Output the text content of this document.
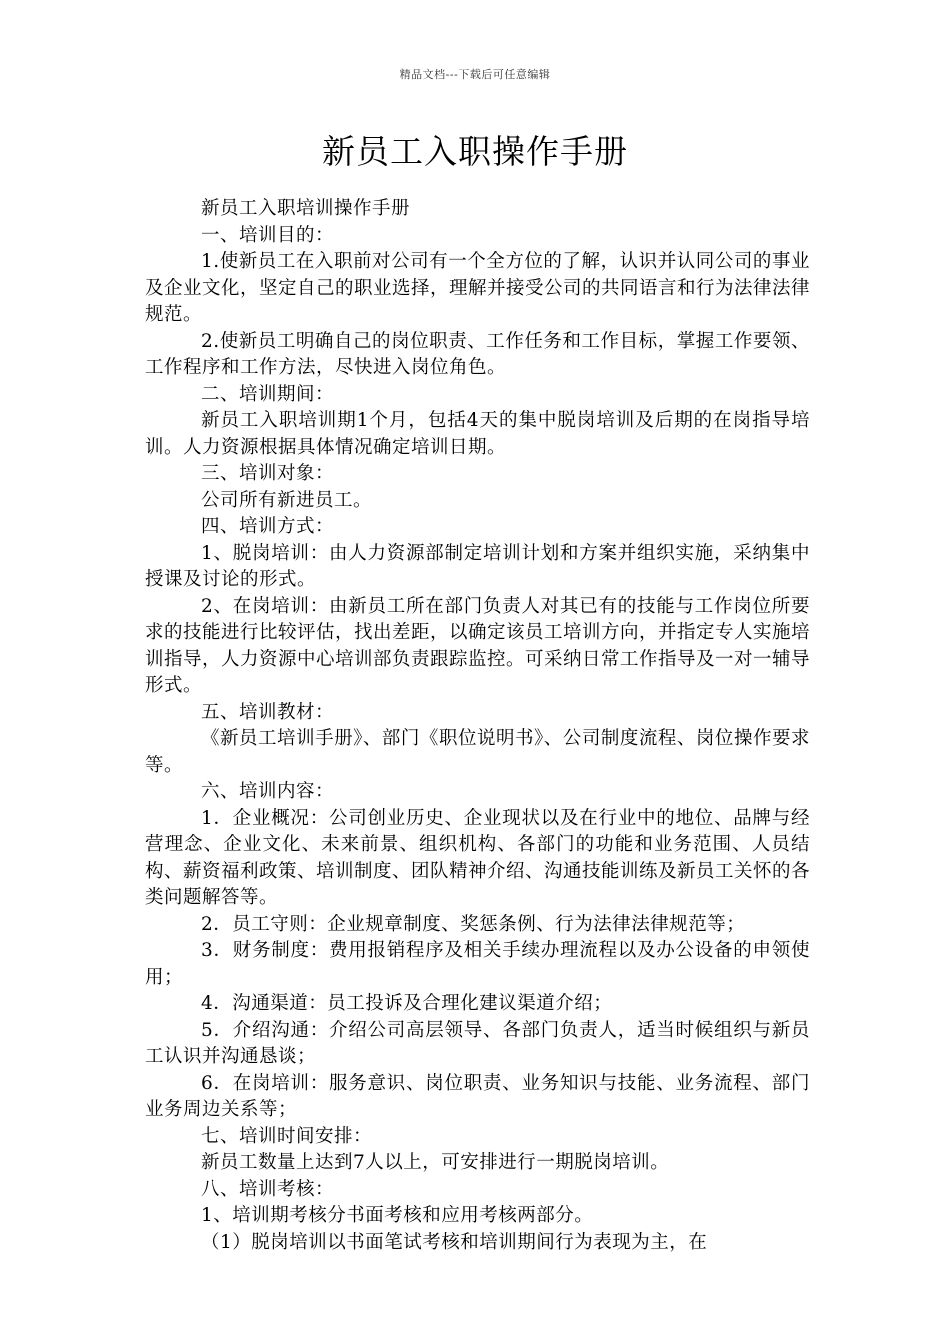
精品文档---下载后可任意编辑
新员工入职操作手册

新员工入职培训操作手册

一、培训目的：

1.使新员工在入职前对公司有一个全方位的了解，认识并认同公司的事业及企业文化，坚定自己的职业选择，理解并接受公司的共同语言和行为法律法律规范。

2.使新员工明确自己的岗位职责、工作任务和工作目标，掌握工作要领、工作程序和工作方法，尽快进入岗位角色。

二、培训期间：

新员工入职培训期1个月，包括4天的集中脱岗培训及后期的在岗指导培训。人力资源根据具体情况确定培训日期。

三、培训对象：

公司所有新进员工。

四、培训方式：

1、脱岗培训：由人力资源部制定培训计划和方案并组织实施，采纳集中授课及讨论的形式。

2、在岗培训：由新员工所在部门负责人对其已有的技能与工作岗位所要求的技能进行比较评估，找出差距，以确定该员工培训方向，并指定专人实施培训指导，人力资源中心培训部负责跟踪监控。可采纳日常工作指导及一对一辅导形式。

五、培训教材：

《新员工培训手册》、部门《职位说明书》、公司制度流程、岗位操作要求等。

六、培训内容：

1．企业概况：公司创业历史、企业现状以及在行业中的地位、品牌与经营理念、企业文化、未来前景、组织机构、各部门的功能和业务范围、人员结构、薪资福利政策、培训制度、团队精神介绍、沟通技能训练及新员工关怀的各类问题解答等。

2．员工守则：企业规章制度、奖惩条例、行为法律法律规范等；

3．财务制度：费用报销程序及相关手续办理流程以及办公设备的申领使用；

4．沟通渠道：员工投诉及合理化建议渠道介绍；

5．介绍沟通：介绍公司高层领导、各部门负责人，适当时候组织与新员工认识并沟通恳谈；

6．在岗培训：服务意识、岗位职责、业务知识与技能、业务流程、部门业务周边关系等；

七、培训时间安排：

新员工数量上达到7人以上，可安排进行一期脱岗培训。

八、培训考核：

1、培训期考核分书面考核和应用考核两部分。

（1）脱岗培训以书面笔试考核和培训期间行为表现为主，在
